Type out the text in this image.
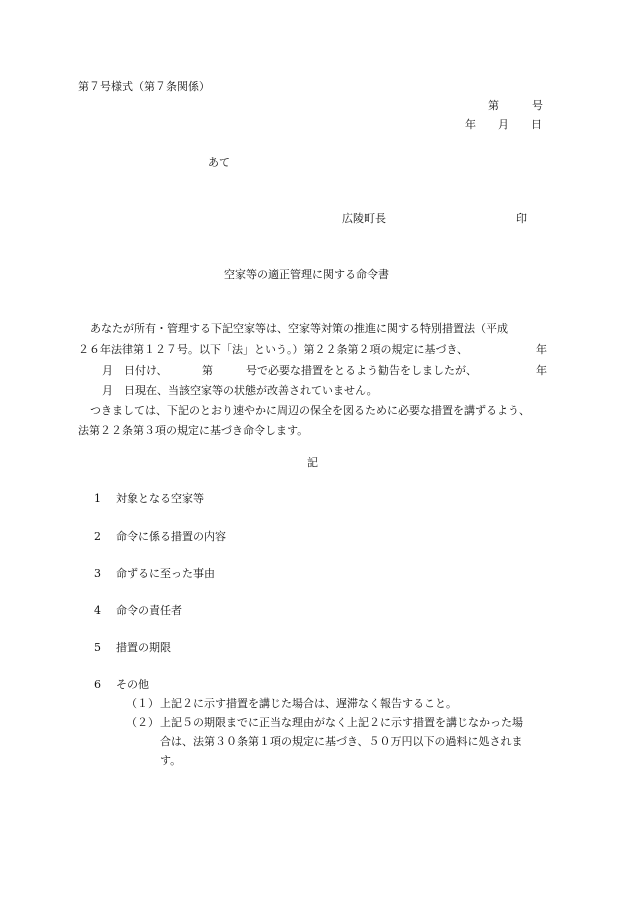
第７号様式（第７条関係）
第　　　号
年　　月　　日
あて
広陵町長	印
空家等の適正管理に関する命令書
あなたが所有・管理する下記空家等は、空家等対策の推進に関する特別措置法（平成
２６年法律第１２７号。以下「法」という。）第２２条第２項の規定に基づき、	年
月 日付け、	第	号で必要な措置をとるよう勧告をしましたが、	年
月 日現在、当該空家等の状態が改善されていません。
つきましては、下記のとおり速やかに周辺の保全を図るために必要な措置を講ずるよう、
法第２２条第３項の規定に基づき命令します。
記
1 対象となる空家等
2 命令に係る措置の内容
3 命ずるに至った事由
4 命令の責任者
5 措置の期限
6 その他
（１） 上記２に示す措置を講じた場合は、遅滞なく報告すること。
（２） 上記５の期限までに正当な理由がなく上記２に示す措置を講じなかった場
合は、法第３０条第１項の規定に基づき、５０万円以下の過料に処されま
す。
